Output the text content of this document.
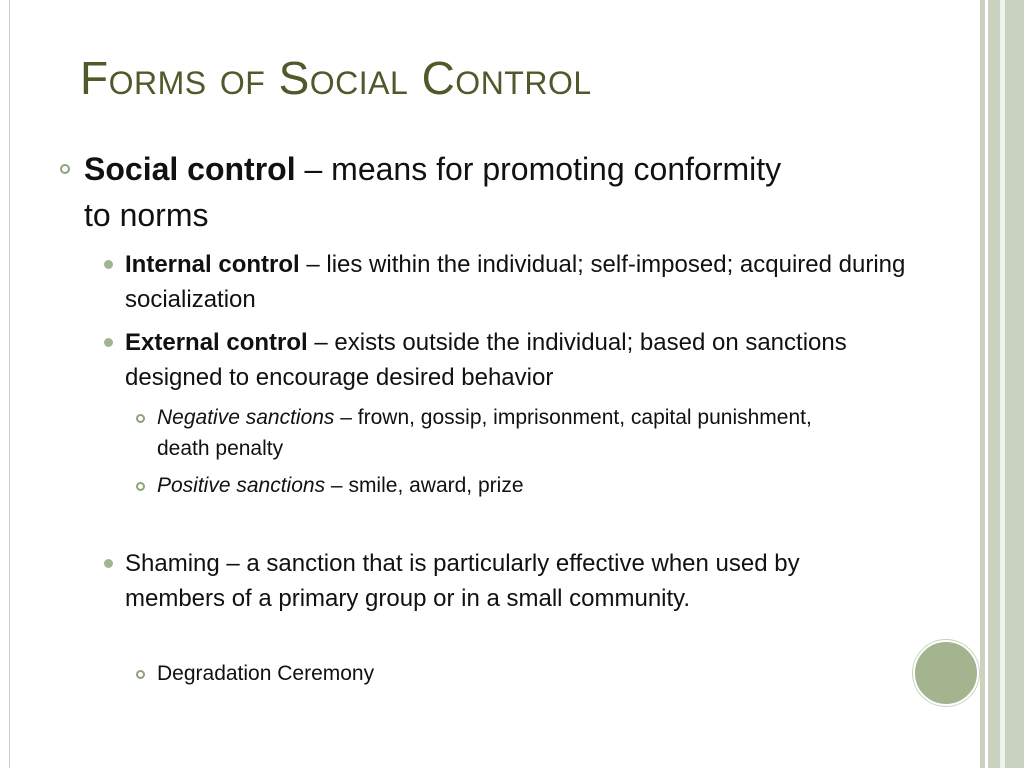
Forms of Social Control
Social control – means for promoting conformity to norms
Internal control – lies within the individual; self-imposed; acquired during socialization
External control – exists outside the individual; based on sanctions designed to encourage desired behavior
Negative sanctions – frown, gossip, imprisonment, capital punishment, death penalty
Positive sanctions – smile, award, prize
Shaming – a sanction that is particularly effective when used by members of a primary group or in a small community.
Degradation Ceremony
